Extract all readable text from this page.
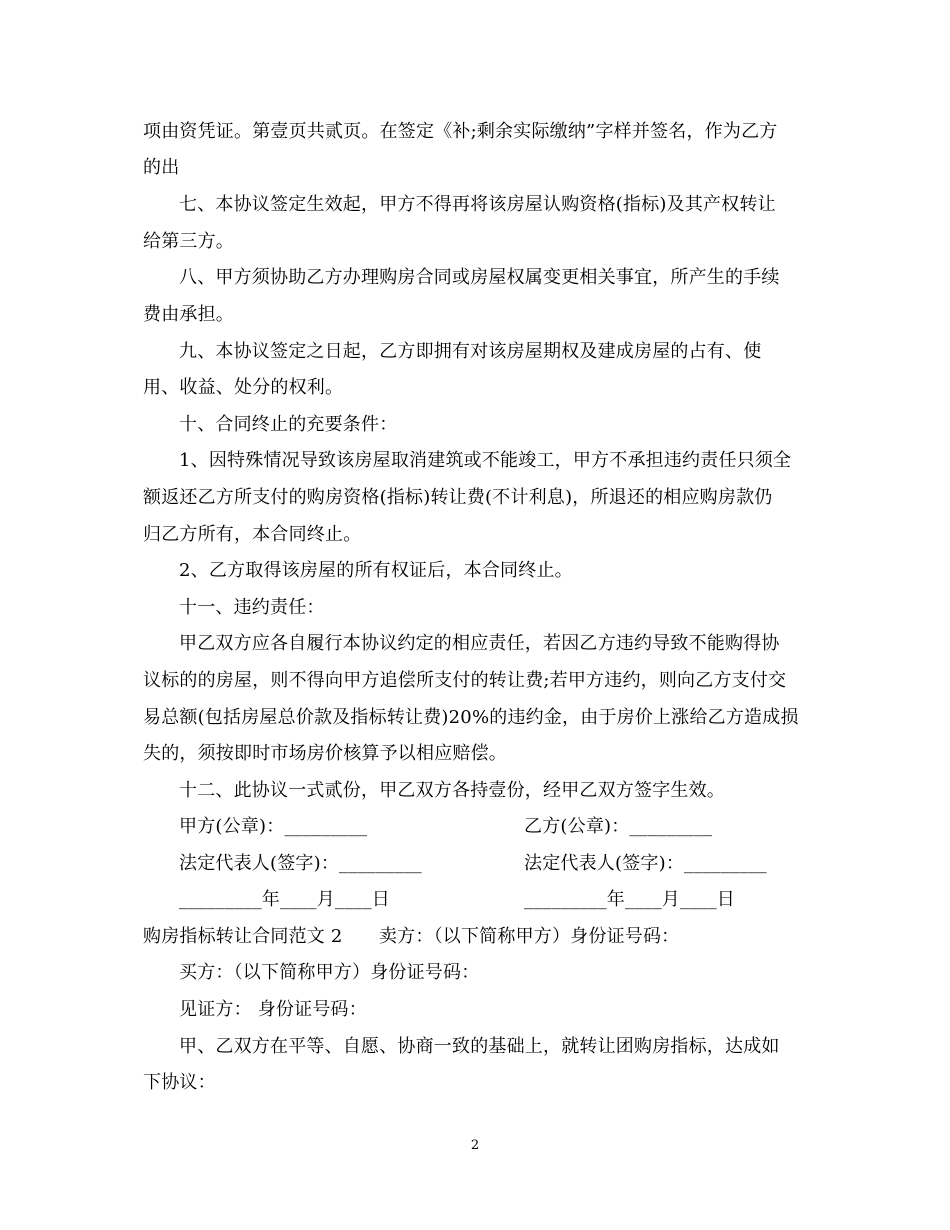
项由资凭证。第壹页共贰页。在签定《补;剩余实际缴纳”字样并签名，作为乙方
的出
七、本协议签定生效起，甲方不得再将该房屋认购资格(指标)及其产权转让
给第三方。
八、甲方须协助乙方办理购房合同或房屋权属变更相关事宜，所产生的手续
费由承担。
九、本协议签定之日起，乙方即拥有对该房屋期权及建成房屋的占有、使
用、收益、处分的权利。
十、合同终止的充要条件：
1、因特殊情况导致该房屋取消建筑或不能竣工，甲方不承担违约责任只须全
额返还乙方所支付的购房资格(指标)转让费(不计利息)，所退还的相应购房款仍
归乙方所有，本合同终止。
2、乙方取得该房屋的所有权证后，本合同终止。
十一、违约责任：
甲乙双方应各自履行本协议约定的相应责任，若因乙方违约导致不能购得协
议标的的房屋，则不得向甲方追偿所支付的转让费;若甲方违约，则向乙方支付交
易总额(包括房屋总价款及指标转让费)20%的违约金，由于房价上涨给乙方造成损
失的，须按即时市场房价核算予以相应赔偿。
十二、此协议一式贰份，甲乙双方各持壹份，经甲乙双方签字生效。
甲方(公章)：_________	乙方(公章)：_________
法定代表人(签字)：_________	法定代表人(签字)：_________
_________年____月____日	_________年____月____日
购房指标转让合同范文 2　　卖方：（以下简称甲方）身份证号码：
买方：（以下简称甲方）身份证号码：
见证方： 身份证号码：
甲、乙双方在平等、自愿、协商一致的基础上，就转让团购房指标，达成如
下协议：
2
